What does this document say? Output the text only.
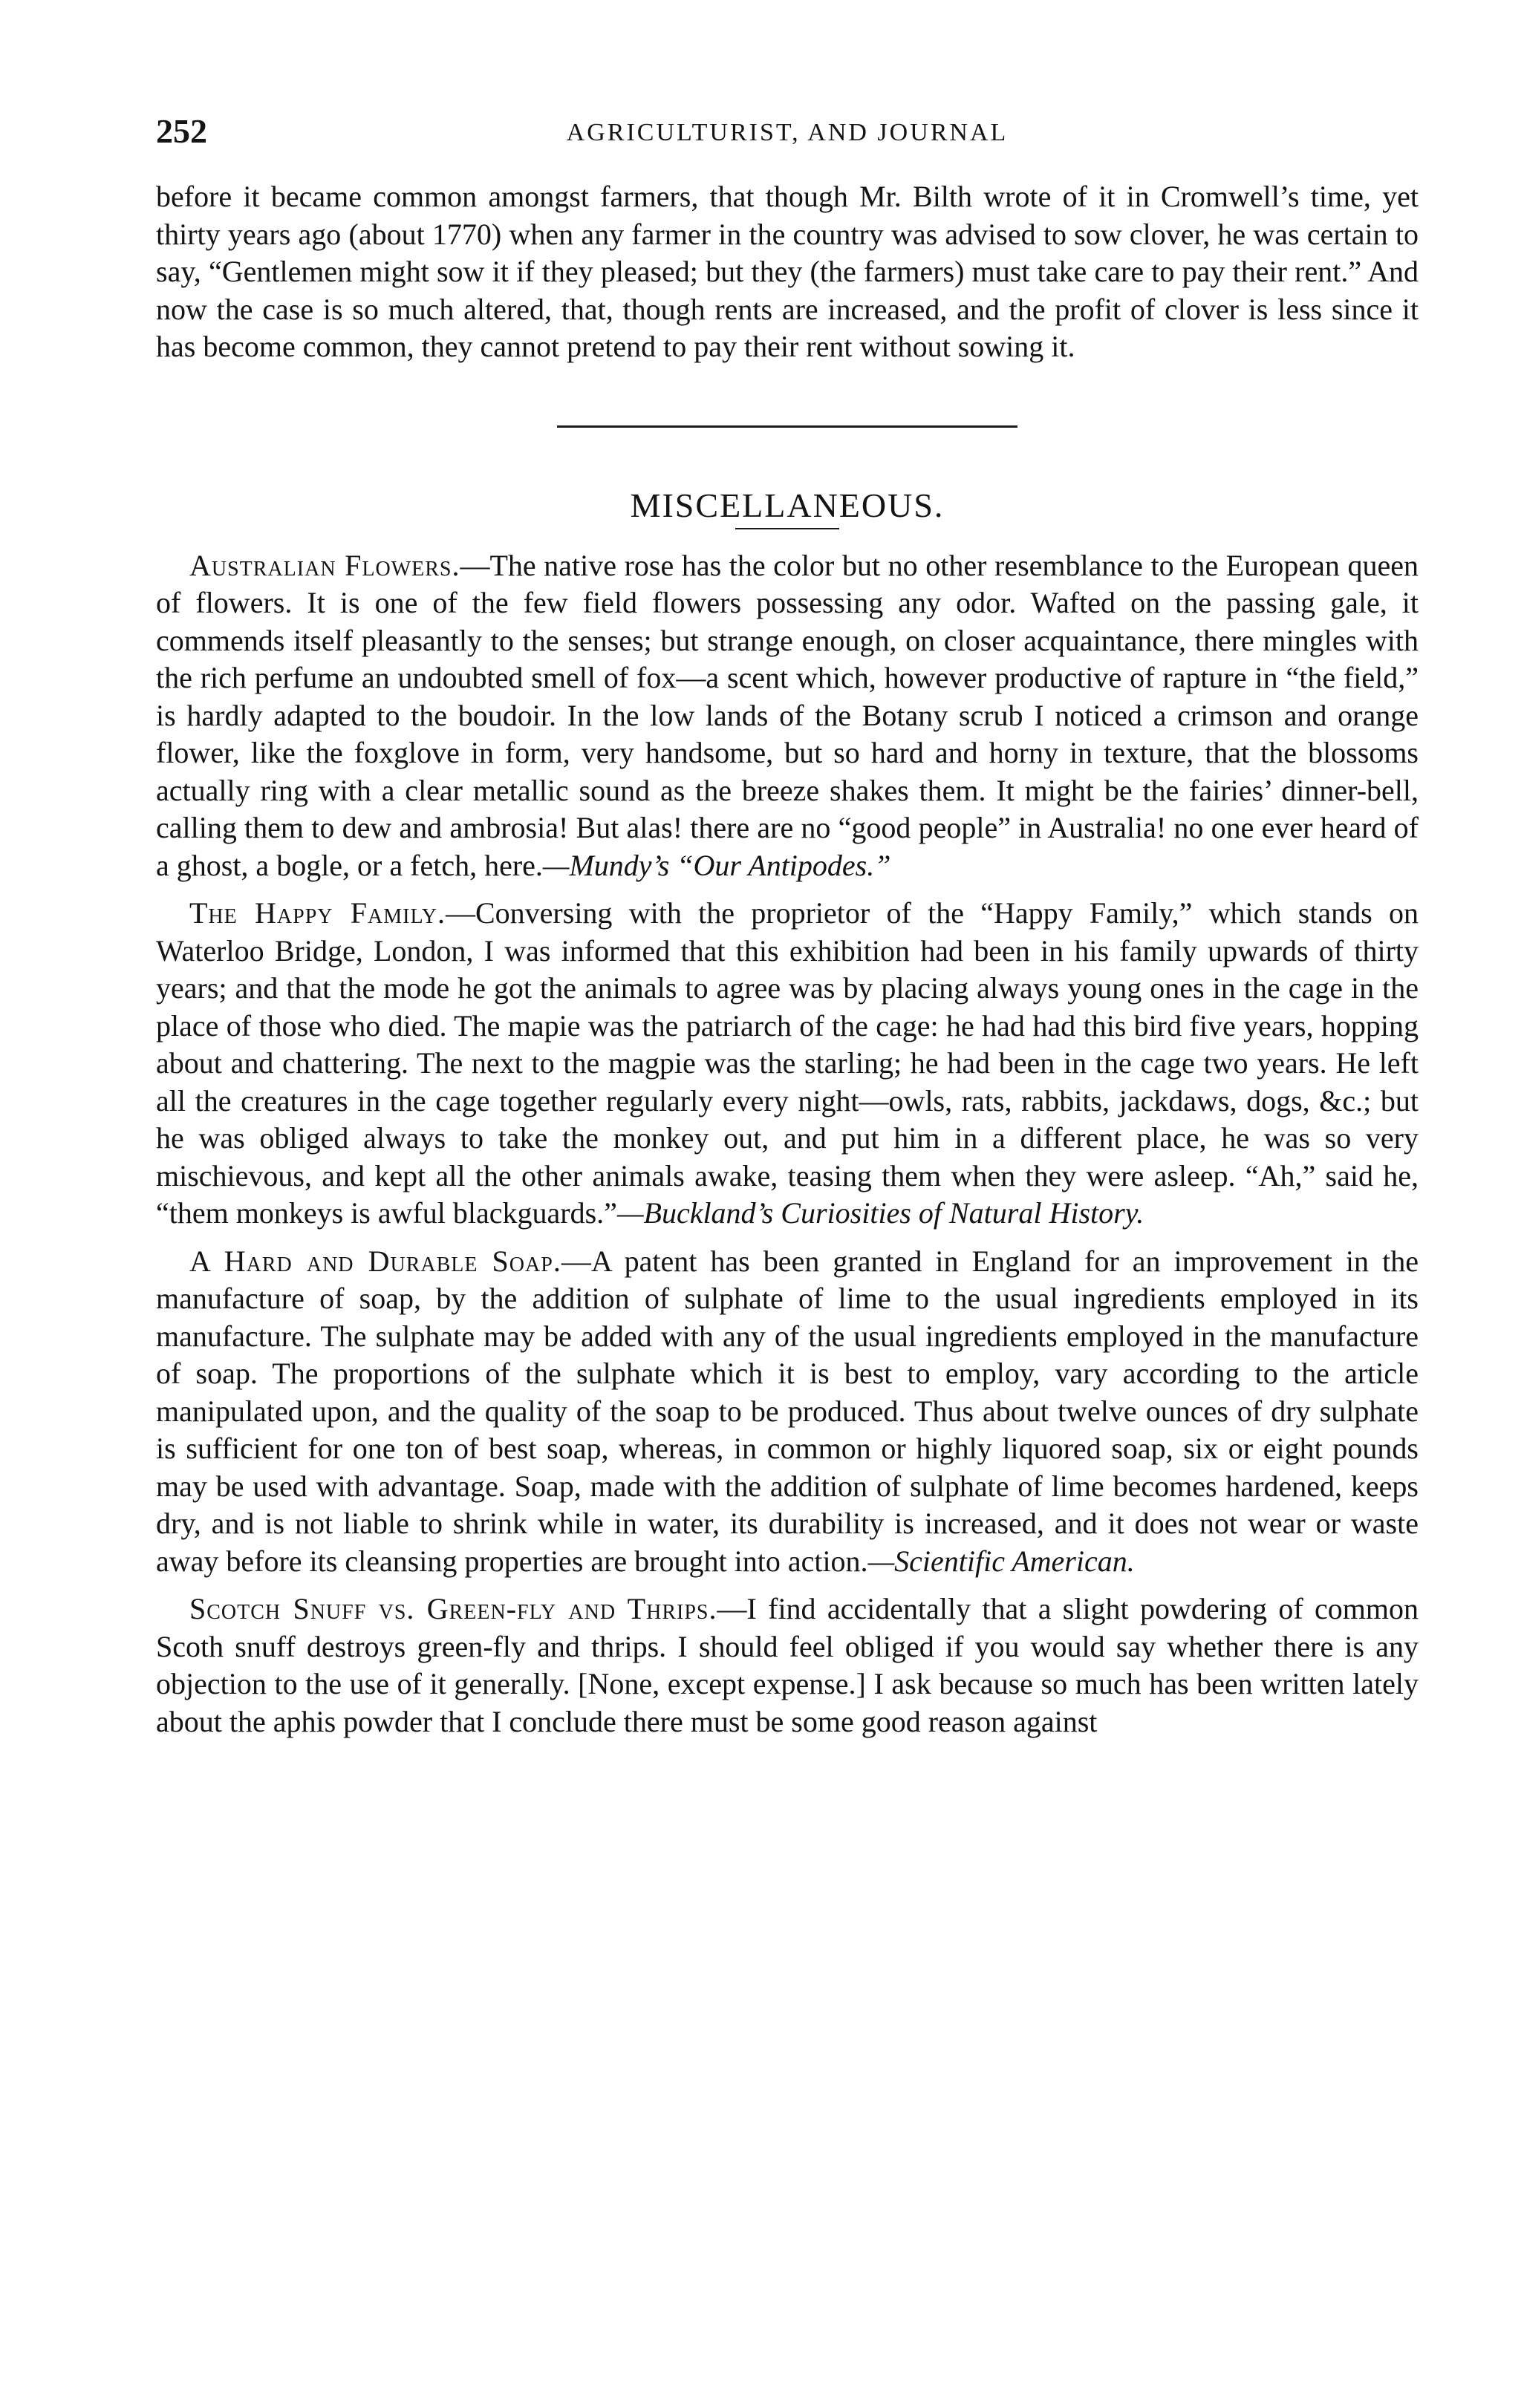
252	AGRICULTURIST, AND JOURNAL

before it became common amongst farmers, that though Mr. Bilth wrote of it in Cromwell’s time, yet thirty years ago (about 1770) when any farmer in the country was advised to sow clover, he was certain to say, “Gentlemen might sow it if they pleased; but they (the farmers) must take care to pay their rent.” And now the case is so much altered, that, though rents are increased, and the profit of clover is less since it has become common, they cannot pretend to pay their rent without sowing it.

MISCELLANEOUS.

Australian Flowers.—The native rose has the color but no other resemblance to the European queen of flowers. It is one of the few field flowers possessing any odor. Wafted on the passing gale, it commends itself pleasantly to the senses; but strange enough, on closer acquaintance, there mingles with the rich perfume an undoubted smell of fox—a scent which, however productive of rapture in “the field,” is hardly adapted to the boudoir. In the low lands of the Botany scrub I noticed a crimson and orange flower, like the foxglove in form, very handsome, but so hard and horny in texture, that the blossoms actually ring with a clear metallic sound as the breeze shakes them. It might be the fairies’ dinner-bell, calling them to dew and ambrosia! But alas! there are no “good people” in Australia! no one ever heard of a ghost, a bogle, or a fetch, here.—Mundy’s “Our Antipodes.”

The Happy Family.—Conversing with the proprietor of the “Happy Family,” which stands on Waterloo Bridge, London, I was informed that this exhibition had been in his family upwards of thirty years; and that the mode he got the animals to agree was by placing always young ones in the cage in the place of those who died. The mapie was the patriarch of the cage: he had had this bird five years, hopping about and chattering. The next to the magpie was the starling; he had been in the cage two years. He left all the creatures in the cage together regularly every night—owls, rats, rabbits, jackdaws, dogs, &c.; but he was obliged always to take the monkey out, and put him in a different place, he was so very mischievous, and kept all the other animals awake, teasing them when they were asleep. “Ah,” said he, “them monkeys is awful blackguards.”—Buckland’s Curiosities of Natural History.

A Hard and Durable Soap.—A patent has been granted in England for an improvement in the manufacture of soap, by the addition of sulphate of lime to the usual ingredients employed in its manufacture. The sulphate may be added with any of the usual ingredients employed in the manufacture of soap. The proportions of the sulphate which it is best to employ, vary according to the article manipulated upon, and the quality of the soap to be produced. Thus about twelve ounces of dry sulphate is sufficient for one ton of best soap, whereas, in common or highly liquored soap, six or eight pounds may be used with advantage. Soap, made with the addition of sulphate of lime becomes hardened, keeps dry, and is not liable to shrink while in water, its durability is increased, and it does not wear or waste away before its cleansing properties are brought into action.—Scientific American.

Scotch Snuff vs. Green-fly and Thrips.—I find accidentally that a slight powdering of common Scoth snuff destroys green-fly and thrips. I should feel obliged if you would say whether there is any objection to the use of it generally. [None, except expense.] I ask because so much has been written lately about the aphis powder that I conclude there must be some good reason against
